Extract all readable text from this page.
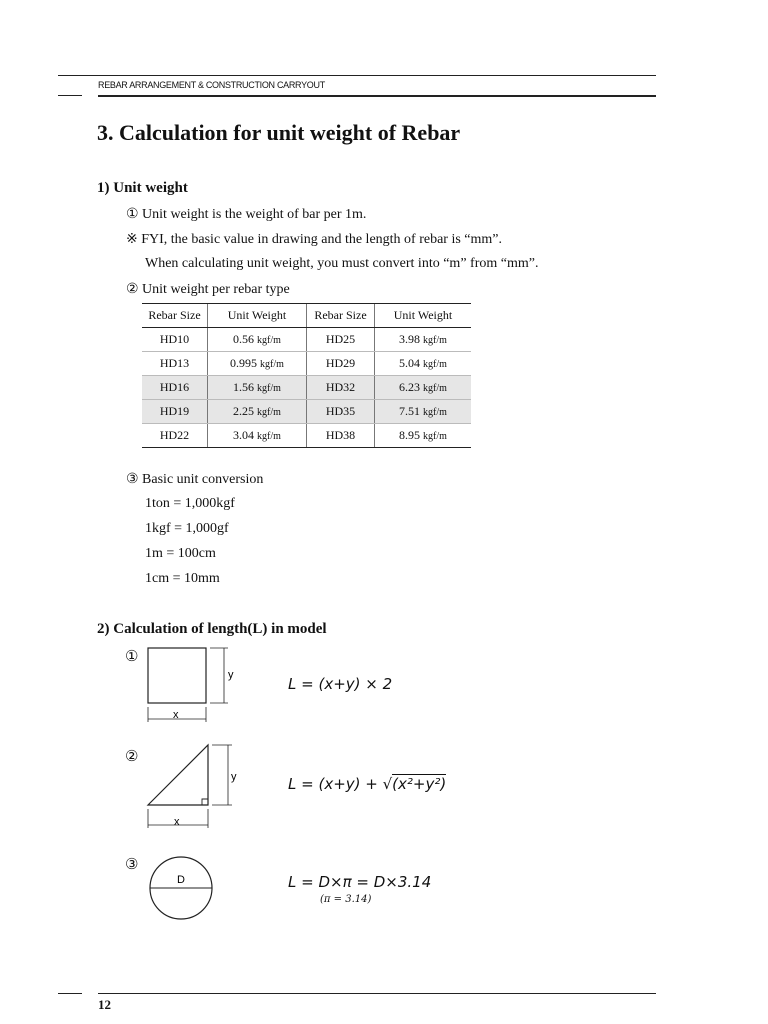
REBAR ARRANGEMENT & CONSTRUCTION CARRYOUT
3. Calculation for unit weight of Rebar
1) Unit weight
① Unit weight is the weight of bar per 1m.
※ FYI, the basic value in drawing and the length of rebar is “mm”.
When calculating unit weight, you must convert into “m” from “mm”.
② Unit weight per rebar type
Rebar Size	Unit Weight	Rebar Size	Unit Weight
HD10	0.56 kgf/m	HD25	3.98 kgf/m
HD13	0.995 kgf/m	HD29	5.04 kgf/m
HD16	1.56 kgf/m	HD32	6.23 kgf/m
HD19	2.25 kgf/m	HD35	7.51 kgf/m
HD22	3.04 kgf/m	HD38	8.95 kgf/m
③ Basic unit conversion
1ton = 1,000kgf
1kgf = 1,000gf
1m = 100cm
1cm = 10mm
2) Calculation of length(L) in model
①
y
x
L = (x+y) × 2
②
y
x
L = (x+y) + √(x²+y²)
③
D	L = D×π = D×3.14
(π = 3.14)
12
